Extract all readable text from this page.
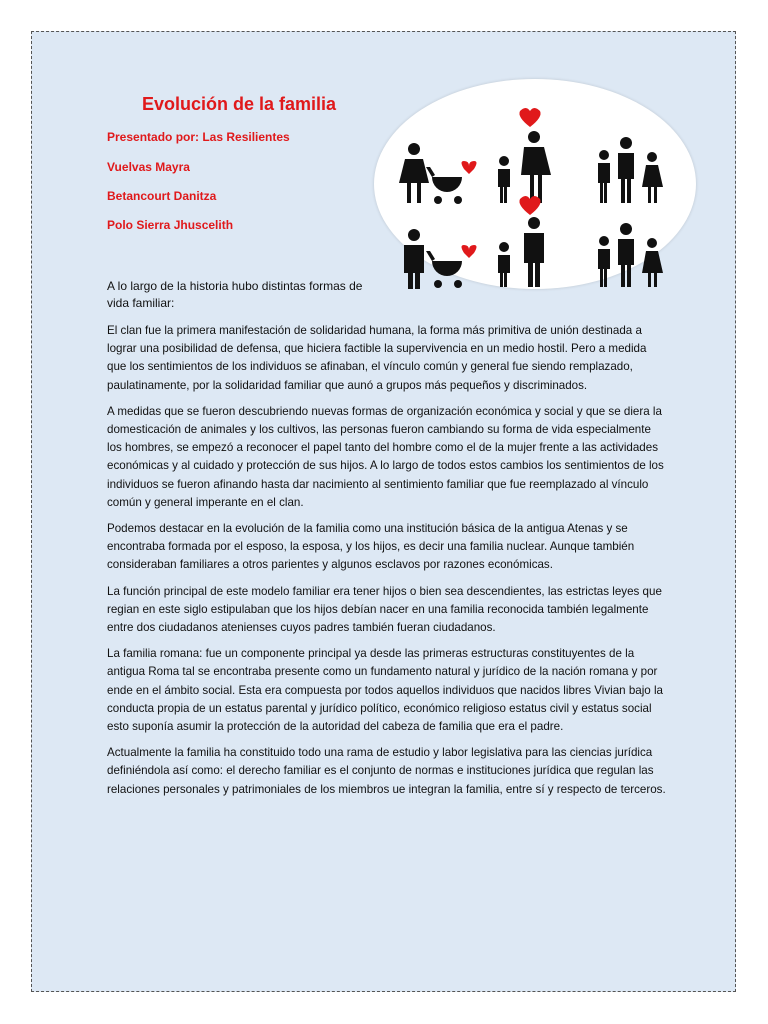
Evolución de la familia

Presentado por: Las Resilientes

Vuelvas Mayra

Betancourt Danitza

Polo Sierra Jhuscelith

A lo largo de la historia hubo distintas formas de vida familiar:

El clan fue la primera manifestación de solidaridad humana, la forma más primitiva de unión destinada a lograr una posibilidad de defensa, que hiciera factible la supervivencia en un medio hostil. Pero a medida que los sentimientos de los individuos se afinaban, el vínculo común y general fue siendo remplazado, paulatinamente, por la solidaridad familiar que aunó a grupos más pequeños y discriminados.

A medidas que se fueron descubriendo nuevas formas de organización económica y social y que se diera la domesticación de animales y los cultivos, las personas fueron cambiando su forma de vida especialmente los hombres, se empezó a reconocer el papel tanto del hombre como el de la mujer frente a las actividades económicas y al cuidado y protección de sus hijos. A lo largo de todos estos cambios los sentimientos de los individuos se fueron afinando hasta dar nacimiento al sentimiento familiar que fue reemplazado al vínculo común y general imperante en el clan.

Podemos destacar en la evolución de la familia como una institución básica de la antigua Atenas y se encontraba formada por el esposo, la esposa, y los hijos, es decir una familia nuclear. Aunque también consideraban familiares a otros parientes y algunos esclavos por razones económicas.

La función principal de este modelo familiar era tener hijos o bien sea descendientes, las estrictas leyes que regian en este siglo estipulaban que los hijos debían nacer en una familia reconocida también legalmente entre dos ciudadanos atenienses cuyos padres también fueran ciudadanos.

La familia romana: fue un componente principal ya desde las primeras estructuras constituyentes de la antigua Roma tal se encontraba presente como un fundamento natural y jurídico de la nación romana y por ende en el ámbito social. Esta era compuesta por todos aquellos individuos que nacidos libres Vivian bajo la conducta propia de un estatus parental y jurídico político, económico religioso estatus civil y estatus social esto suponía asumir la protección de la autoridad del cabeza de familia que era el padre.

Actualmente la familia ha constituido todo una rama de estudio y labor legislativa para las ciencias jurídica definiéndola así como: el derecho familiar es el conjunto de normas e instituciones jurídica que regulan las relaciones personales y patrimoniales de los miembros ue integran la familia, entre sí y respecto de terceros.
